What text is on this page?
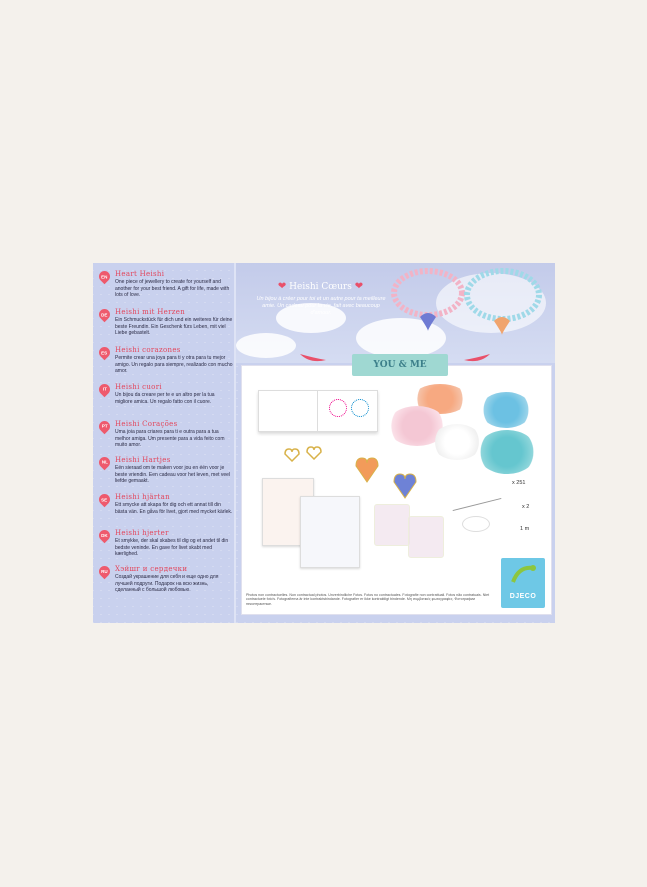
EN Heart Heishi
One piece of jewellery to create for yourself and another for your best friend. A gift for life, made with lots of love.
DE Heishi mit Herzen
Ein Schmuckstück für dich und ein weiteres für deine beste Freundin. Ein Geschenk fürs Leben, mit viel Liebe gebastelt.
ES Heishi corazones
Permite crear una joya para ti y otra para tu mejor amigo. Un regalo para siempre, realizado con mucho amor.
IT Heishi cuori
Un bijou da creare per te e un altro per la tua migliore amica. Un regalo fatto con il cuore.
PT Heishi Corações
Uma joia para criares para ti e outra para a tua melhor amiga. Um presente para a vida feito com muito amor.
NL Heishi Hartjes
Eén sieraad om te maken voor jou en één voor je beste vriendin. Een cadeau voor het leven, met veel liefde gemaakt.
SE Heishi hjärtan
Ett smycke att skapa för dig och ett annat till din bästa vän. En gåva för livet, gjort med mycket kärlek.
DK Heishi hjerter
Et smykke, der skal skabes til dig og et andet til din bedste veninde. En gave for livet skabt med kærlighed.
RU Хэйшг и сердечки
Создай украшение для себя и еще одно для лучшей подруги. Подарок на всю жизнь, сделанный с большой любовью.
❤ Heishi Cœurs ❤
Un bijou à créer pour toi et un autre pour ta meilleure amie. Un cadeau pour la vie, fait avec beaucoup d'amour.
YOU & ME
x 251
x 2
1 m
Photos non contractuelles. Non contractual photos. Unverbindliche Fotos. Fotos no contractuales. Fotografie non contrattuali. Fotos não contratuais. Niet contractuele foto's. Fotografierna är inte kontraktsbindande. Fotografier er ikke kontraktligt bindende. Μη συμβατικές φωτογραφίες. Фотографии неконтрактные.
DJECO
